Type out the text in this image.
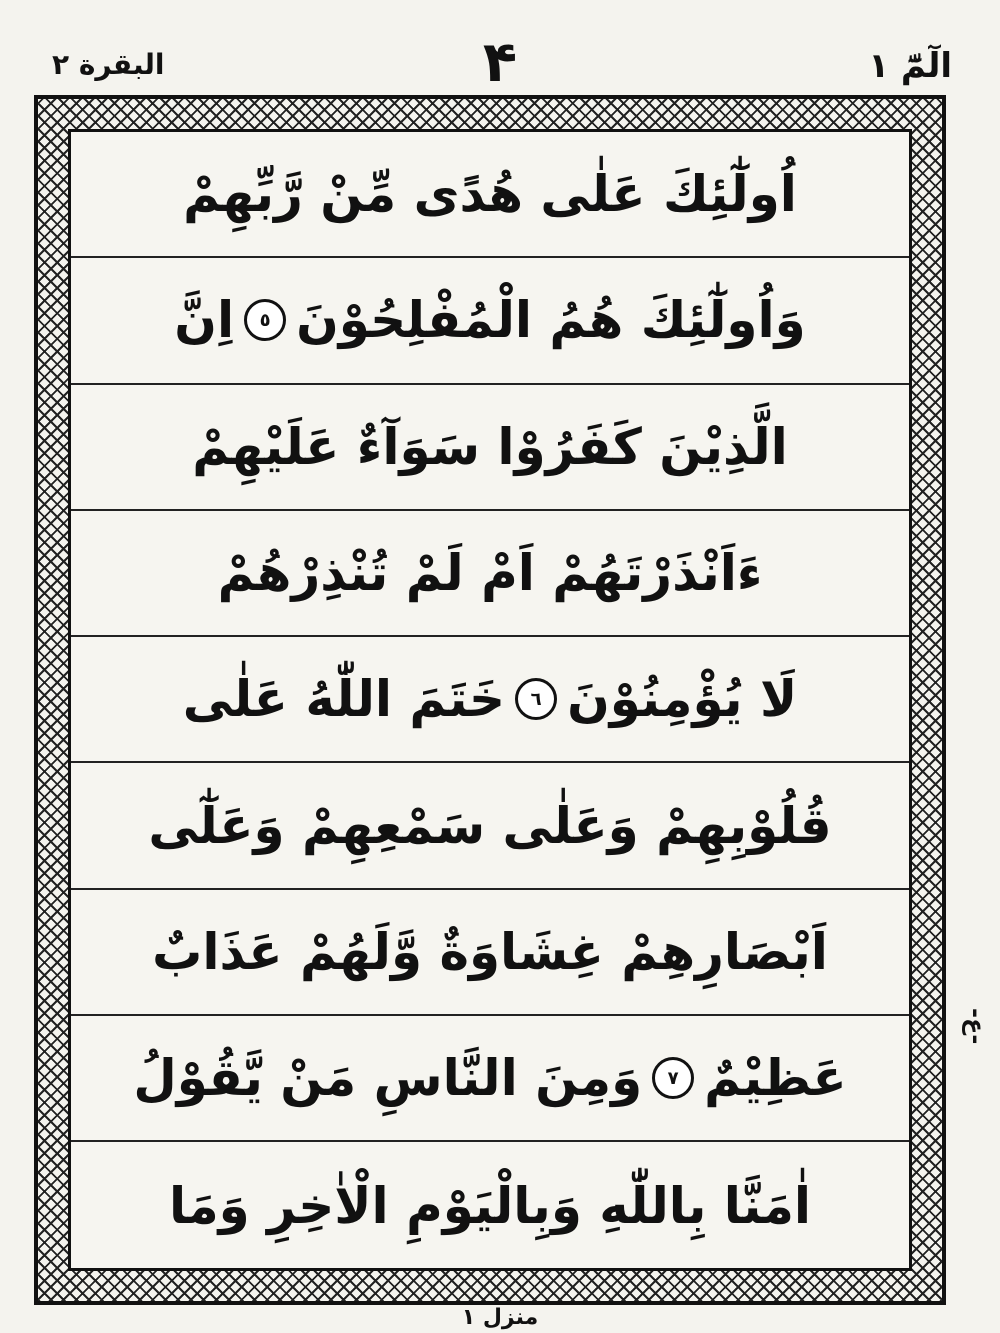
البقرة ٢	۴	الٓمّٓ ١
اُولٰٓئِكَ عَلٰى هُدًى مِّنْ رَّبِّهِمْ
وَاُولٰٓئِكَ هُمُ الْمُفْلِحُوْنَ
٥
اِنَّ
الَّذِيْنَ كَفَرُوْا سَوَآءٌ عَلَيْهِمْ
ءَاَنْذَرْتَهُمْ اَمْ لَمْ تُنْذِرْهُمْ
لَا يُؤْمِنُوْنَ
٦
خَتَمَ اللّٰهُ عَلٰى
قُلُوْبِهِمْ وَعَلٰى سَمْعِهِمْ وَعَلٰٓى
اَبْصَارِهِمْ غِشَاوَةٌ وَّلَهُمْ عَذَابٌ
عَظِيْمٌ
٧
وَمِنَ النَّاسِ مَنْ يَّقُوْلُ
اٰمَنَّا بِاللّٰهِ وَبِالْيَوْمِ الْاٰخِرِ وَمَا
-ع-
منزل ١
